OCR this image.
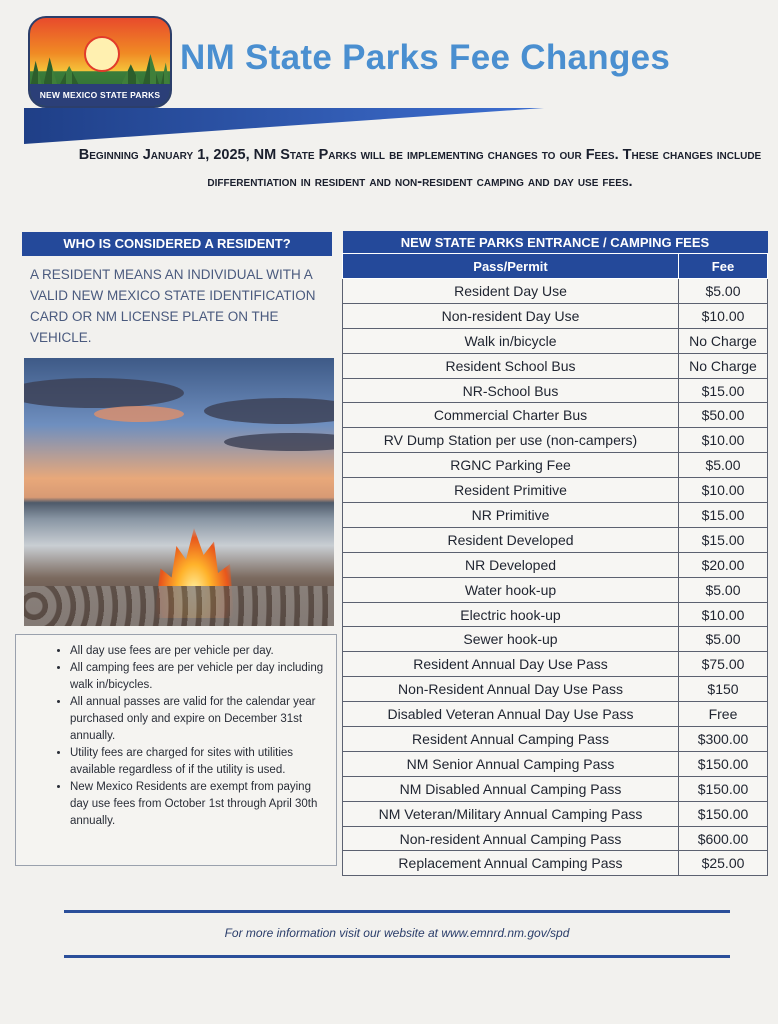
NEW MEXICO STATE PARKS
NM State Parks Fee Changes
Beginning January 1, 2025, NM State Parks will be implementing changes to our Fees. These changes include differentiation in resident and non-resident camping and day use fees.
WHO IS CONSIDERED A RESIDENT?
A RESIDENT MEANS AN INDIVIDUAL WITH A VALID NEW MEXICO STATE IDENTIFICATION CARD OR NM LICENSE PLATE ON THE VEHICLE.
• All day use fees are per vehicle per day.
• All camping fees are per vehicle per day including walk in/bicycles.
• All annual passes are valid for the calendar year purchased only and expire on December 31st annually.
• Utility fees are charged for sites with utilities available regardless of if the utility is used.
• New Mexico Residents are exempt from paying day use fees from October 1st through April 30th annually.
NEW STATE PARKS ENTRANCE / CAMPING FEES	
Pass/Permit	Fee
Resident Day Use	$5.00
Non-resident Day Use	$10.00
Walk in/bicycle	No Charge
Resident School Bus	No Charge
NR-School Bus	$15.00
Commercial Charter Bus	$50.00
RV Dump Station per use (non-campers)	$10.00
RGNC Parking Fee	$5.00
Resident Primitive	$10.00
NR Primitive	$15.00
Resident Developed	$15.00
NR Developed	$20.00
Water hook-up	$5.00
Electric hook-up	$10.00
Sewer hook-up	$5.00
Resident Annual Day Use Pass	$75.00
Non-Resident Annual Day Use Pass	$150
Disabled Veteran Annual Day Use Pass	Free
Resident Annual Camping Pass	$300.00
NM Senior Annual Camping Pass	$150.00
NM Disabled Annual Camping Pass	$150.00
NM Veteran/Military Annual Camping Pass	$150.00
Non-resident Annual Camping Pass	$600.00
Replacement Annual Camping Pass	$25.00
For more information visit our website at www.emnrd.nm.gov/spd
